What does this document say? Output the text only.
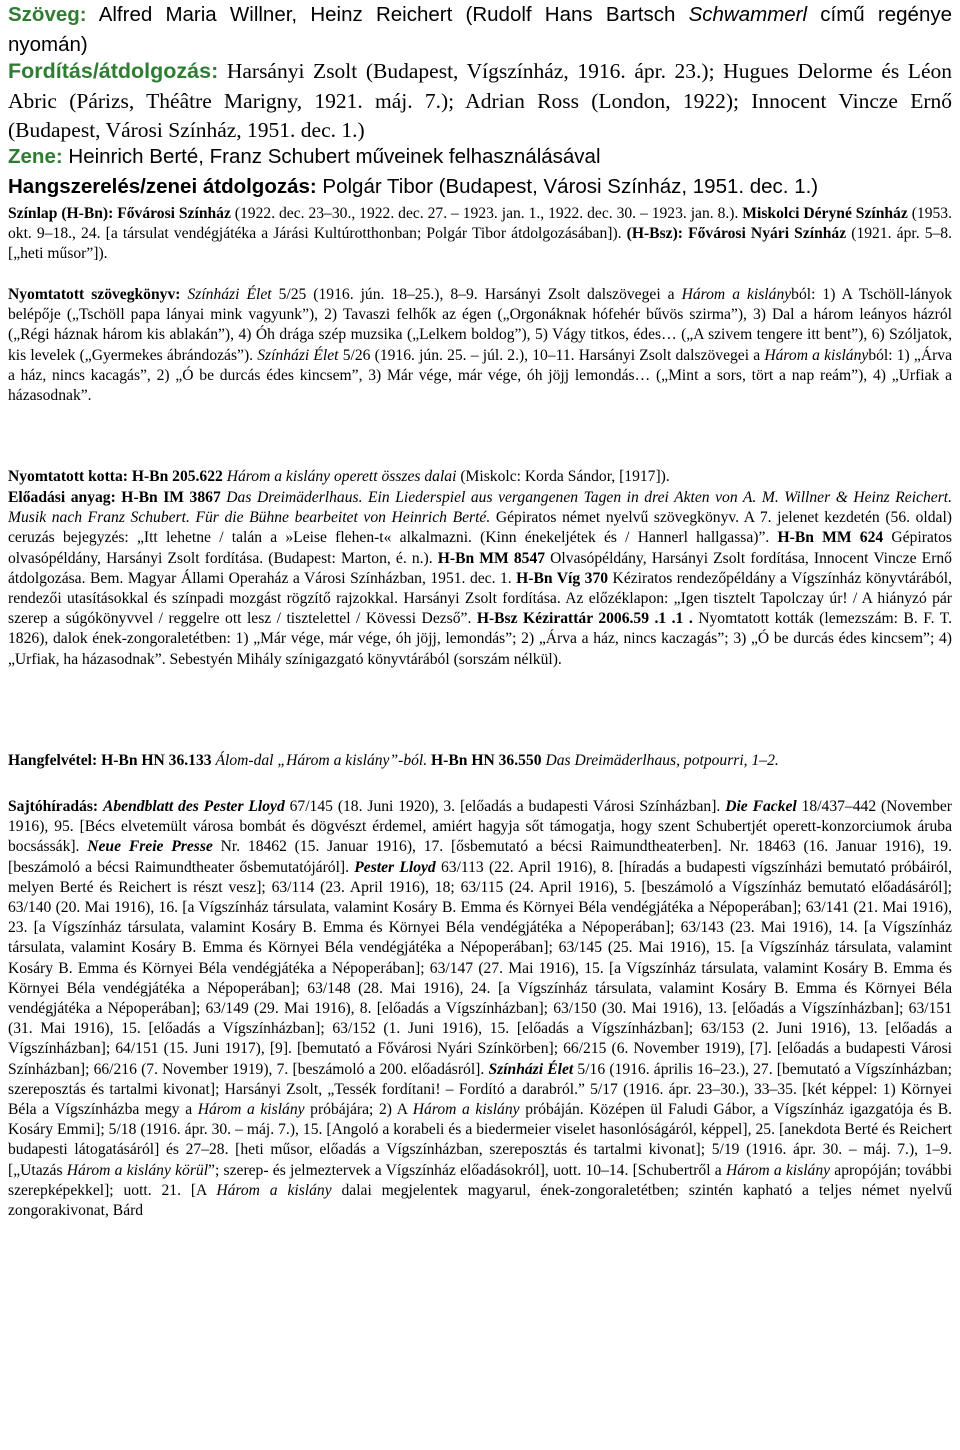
Szöveg: Alfred Maria Willner, Heinz Reichert (Rudolf Hans Bartsch Schwammerl című regénye nyomán)

Fordítás/átdolgozás: Harsányi Zsolt (Budapest, Vígszínház, 1916. ápr. 23.); Hugues Delorme és Léon Abric (Párizs, Théâtre Marigny, 1921. máj. 7.); Adrian Ross (London, 1922); Innocent Vincze Ernő (Budapest, Városi Színház, 1951. dec. 1.)

Zene: Heinrich Berté, Franz Schubert műveinek felhasználásával

Hangszerelés/zenei átdolgozás: Polgár Tibor (Budapest, Városi Színház, 1951. dec. 1.)

Színlap (H-Bn): Fővárosi Színház (1922. dec. 23‒30., 1922. dec. 27. ‒ 1923. jan. 1., 1922. dec. 30. ‒ 1923. jan. 8.). Miskolci Déryné Színház (1953. okt. 9‒18., 24. [a társulat vendégjátéka a Járási Kultúrotthonban; Polgár Tibor átdolgozásában]). (H-Bsz): Fővárosi Nyári Színház (1921. ápr. 5‒8. [„heti műsor”]).

Nyomtatott szövegkönyv: Színházi Élet 5/25 (1916. jún. 18‒25.), 8‒9. Harsányi Zsolt dalszövegei a Három a kislányból: 1) A Tschöll-lányok belépője („Tschöll papa lányai mink vagyunk”), 2) Tavaszi felhők az égen („Orgonáknak hófehér bűvös szirma”), 3) Dal a három leányos házról („Régi háznak három kis ablakán”), 4) Óh drága szép muzsika („Lelkem boldog”), 5) Vágy titkos, édes… („A szivem tengere itt bent”), 6) Szóljatok, kis levelek („Gyermekes ábrándozás”). Színházi Élet 5/26 (1916. jún. 25. ‒ júl. 2.), 10‒11. Harsányi Zsolt dalszövegei a Három a kislányból: 1) „Árva a ház, nincs kacagás”, 2) „Ó be durcás édes kincsem”, 3) Már vége, már vége, óh jöjj lemondás… („Mint a sors, tört a nap reám”), 4) „Urfiak a házasodnak”.

Nyomtatott kotta: H-Bn 205.622 Három a kislány operett összes dalai (Miskolc: Korda Sándor, [1917]).

Előadási anyag: H-Bn IM 3867 Das Dreimäderlhaus. Ein Liederspiel aus vergangenen Tagen in drei Akten von A. M. Willner & Heinz Reichert. Musik nach Franz Schubert. Für die Bühne bearbeitet von Heinrich Berté. Gépiratos német nyelvű szövegkönyv. A 7. jelenet kezdetén (56. oldal) ceruzás bejegyzés: „Itt lehetne / talán a »Leise flehen-t« alkalmazni. (Kinn énekeljétek és / Hannerl hallgassa)”. H-Bn MM 624 Gépiratos olvasópéldány, Harsányi Zsolt fordítása. (Budapest: Marton, é. n.). H-Bn MM 8547 Olvasópéldány, Harsányi Zsolt fordítása, Innocent Vincze Ernő átdolgozása. Bem. Magyar Állami Operaház a Városi Színházban, 1951. dec. 1. H-Bn Víg 370 Kéziratos rendezőpéldány a Vígszínház könyvtárából, rendezői utasításokkal és színpadi mozgást rögzítő rajzokkal. Harsányi Zsolt fordítása. Az előzéklapon: „Igen tisztelt Tapolczay úr! / A hiányzó pár szerep a súgókönyvvel / reggelre ott lesz / tisztelettel / Kövessi Dezső”. H-Bsz Kézirattár 2006.59 .1 .1 . Nyomtatott kották (lemezszám: B. F. T. 1826), dalok ének-zongoraletétben: 1) „Már vége, már vége, óh jöjj, lemondás”; 2) „Árva a ház, nincs kaczagás”; 3) „Ó be durcás édes kincsem”; 4) „Urfiak, ha házasodnak”. Sebestyén Mihály színigazgató könyvtárából (sorszám nélkül).

Hangfelvétel: H-Bn HN 36.133 Álom-dal „Három a kislány”-ból. H-Bn HN 36.550 Das Dreimäderlhaus, potpourri, 1‒2.

Sajtóhíradás: Abendblatt des Pester Lloyd 67/145 (18. Juni 1920), 3. [előadás a budapesti Városi Színházban]. Die Fackel 18/437‒442 (November 1916), 95. [Bécs elvetemült városa bombát és dögvészt érdemel, amiért hagyja sőt támogatja, hogy szent Schubertjét operett-konzorciumok áruba bocsássák]. Neue Freie Presse Nr. 18462 (15. Januar 1916), 17. [ősbemutató a bécsi Raimundtheaterben]. Nr. 18463 (16. Januar 1916), 19. [beszámoló a bécsi Raimundtheater ősbemutatójáról]. Pester Lloyd 63/113 (22. April 1916), 8. [híradás a budapesti vígszínházi bemutató próbáiról, melyen Berté és Reichert is részt vesz]; 63/114 (23. April 1916), 18; 63/115 (24. April 1916), 5. [beszámoló a Vígszínház bemutató előadásáról]; 63/140 (20. Mai 1916), 16. [a Vígszínház társulata, valamint Kosáry B. Emma és Környei Béla vendégjátéka a Népoperában]; 63/141 (21. Mai 1916), 23. [a Vígszínház társulata, valamint Kosáry B. Emma és Környei Béla vendégjátéka a Népoperában]; 63/143 (23. Mai 1916), 14. [a Vígszínház társulata, valamint Kosáry B. Emma és Környei Béla vendégjátéka a Népoperában]; 63/145 (25. Mai 1916), 15. [a Vígszínház társulata, valamint Kosáry B. Emma és Környei Béla vendégjátéka a Népoperában]; 63/147 (27. Mai 1916), 15. [a Vígszínház társulata, valamint Kosáry B. Emma és Környei Béla vendégjátéka a Népoperában]; 63/148 (28. Mai 1916), 24. [a Vígszínház társulata, valamint Kosáry B. Emma és Környei Béla vendégjátéka a Népoperában]; 63/149 (29. Mai 1916), 8. [előadás a Vígszínházban]; 63/150 (30. Mai 1916), 13. [előadás a Vígszínházban]; 63/151 (31. Mai 1916), 15. [előadás a Vígszínházban]; 63/152 (1. Juni 1916), 15. [előadás a Vígszínházban]; 63/153 (2. Juni 1916), 13. [előadás a Vígszínházban]; 64/151 (15. Juni 1917), [9]. [bemutató a Fővárosi Nyári Színkörben]; 66/215 (6. November 1919), [7]. [előadás a budapesti Városi Színházban]; 66/216 (7. November 1919), 7. [beszámoló a 200. előadásról]. Színházi Élet 5/16 (1916. április 16‒23.), 27. [bemutató a Vígszínházban; szereposztás és tartalmi kivonat]; Harsányi Zsolt, „Tessék fordítani! ‒ Fordító a darabról.” 5/17 (1916. ápr. 23‒30.), 33‒35. [két képpel: 1) Környei Béla a Vígszínházba megy a Három a kislány próbájára; 2) A Három a kislány próbáján. Középen ül Faludi Gábor, a Vígszínház igazgatója és B. Kosáry Emmi]; 5/18 (1916. ápr. 30. ‒ máj. 7.), 15. [Angoló a korabeli és a biedermeier viselet hasonlóságáról, képpel], 25. [anekdota Berté és Reichert budapesti látogatásáról] és 27‒28. [heti műsor, előadás a Vígszínházban, szereposztás és tartalmi kivonat]; 5/19 (1916. ápr. 30. ‒ máj. 7.), 1‒9. [„Utazás Három a kislány körül”; szerep- és jelmeztervek a Vígszínház előadásokról], uott. 10‒14. [Schubertről a Három a kislány apropóján; további szerepképekkel]; uott. 21. [A Három a kislány dalai megjelentek magyarul, ének-zongoraletétben; szintén kapható a teljes német nyelvű zongorakivonat, Bárd
